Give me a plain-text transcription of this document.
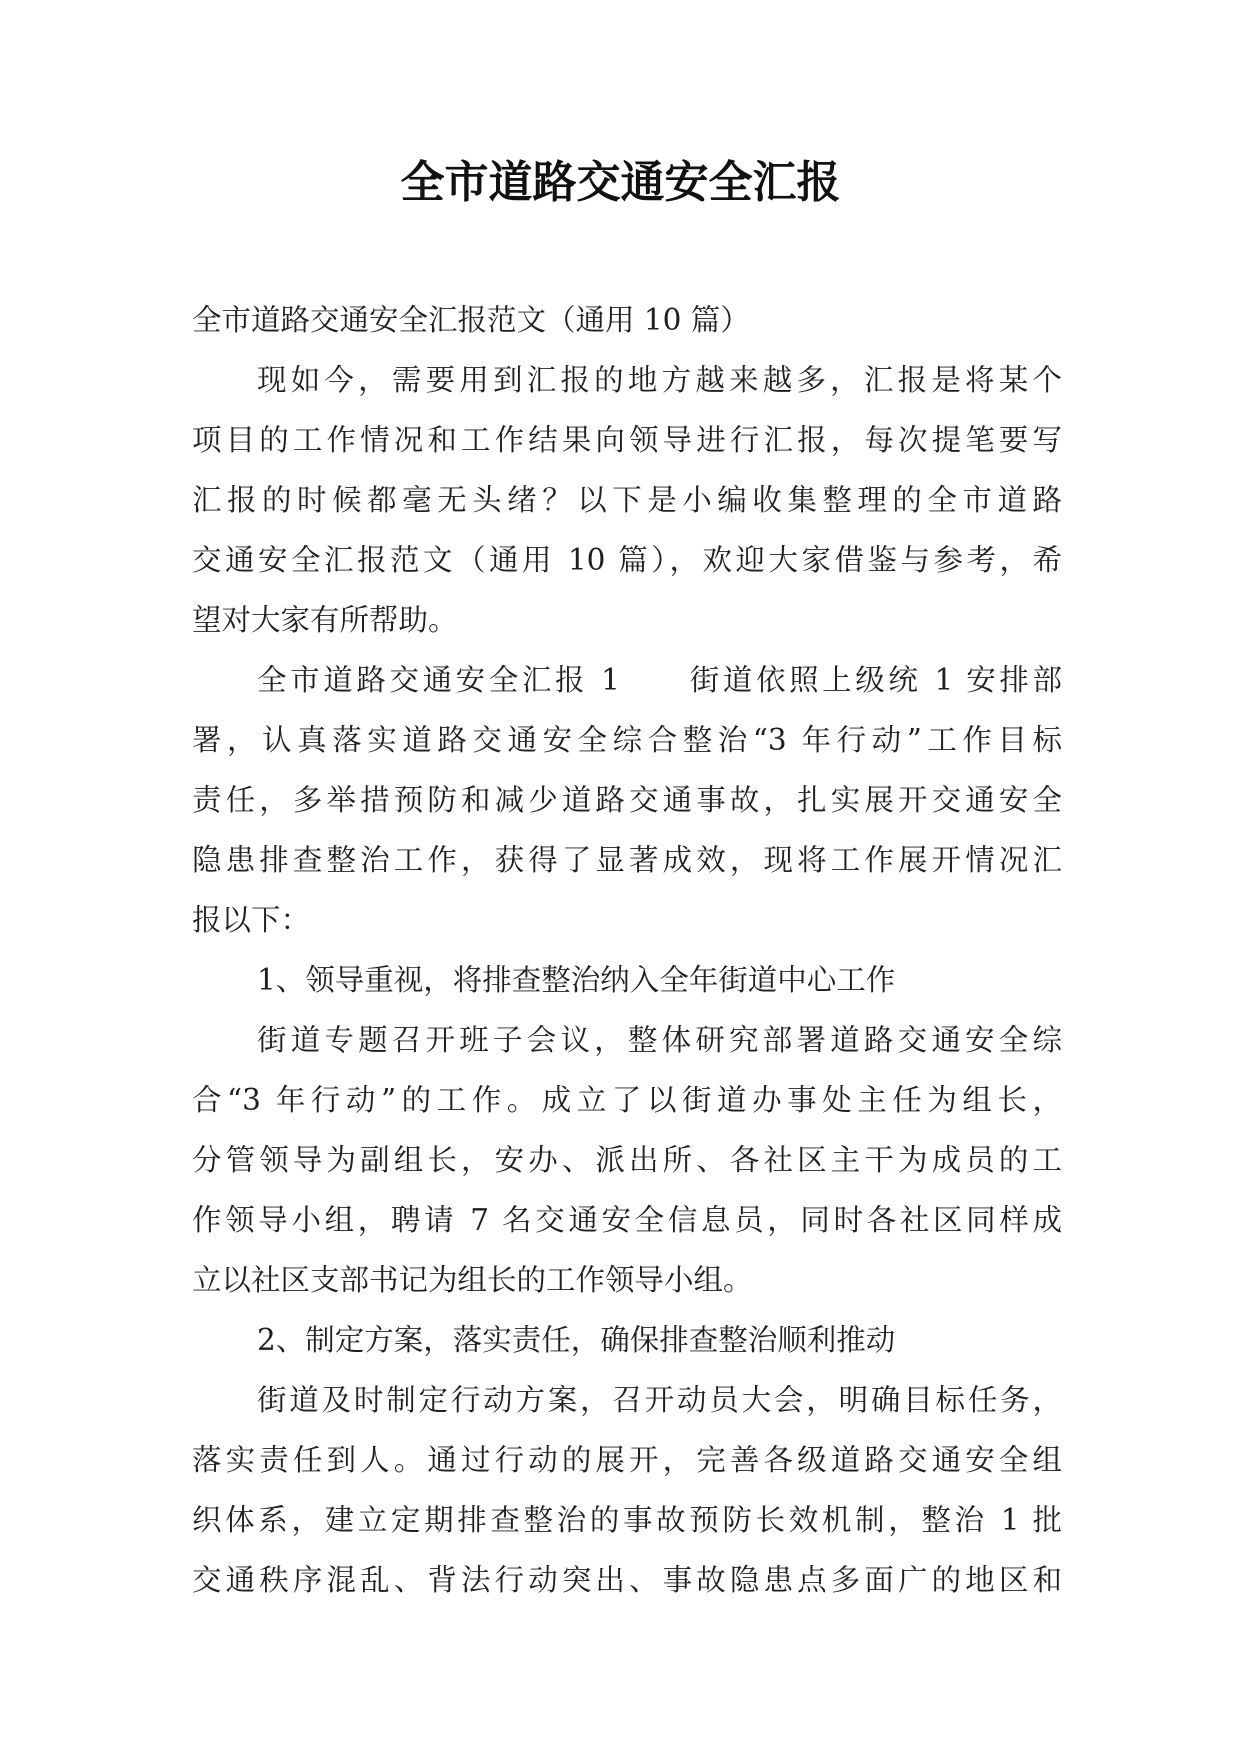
全市道路交通安全汇报
全市道路交通安全汇报范文（通用 10 篇）
现如今，需要用到汇报的地方越来越多，汇报是将某个
项目的工作情况和工作结果向领导进行汇报，每次提笔要写
汇报的时候都毫无头绪？以下是小编收集整理的全市道路
交通安全汇报范文（通用 10 篇），欢迎大家借鉴与参考，希
望对大家有所帮助。
全市道路交通安全汇报 1　　街道依照上级统 1 安排部
署，认真落实道路交通安全综合整治“3 年行动”工作目标
责任，多举措预防和减少道路交通事故，扎实展开交通安全
隐患排查整治工作，获得了显著成效，现将工作展开情况汇
报以下：
1、领导重视，将排查整治纳入全年街道中心工作
街道专题召开班子会议，整体研究部署道路交通安全综
合“3 年行动”的工作。成立了以街道办事处主任为组长，
分管领导为副组长，安办、派出所、各社区主干为成员的工
作领导小组，聘请 7 名交通安全信息员，同时各社区同样成
立以社区支部书记为组长的工作领导小组。
2、制定方案，落实责任，确保排查整治顺利推动
街道及时制定行动方案，召开动员大会，明确目标任务，
落实责任到人。通过行动的展开，完善各级道路交通安全组
织体系，建立定期排查整治的事故预防长效机制，整治 1 批
交通秩序混乱、背法行动突出、事故隐患点多面广的地区和
